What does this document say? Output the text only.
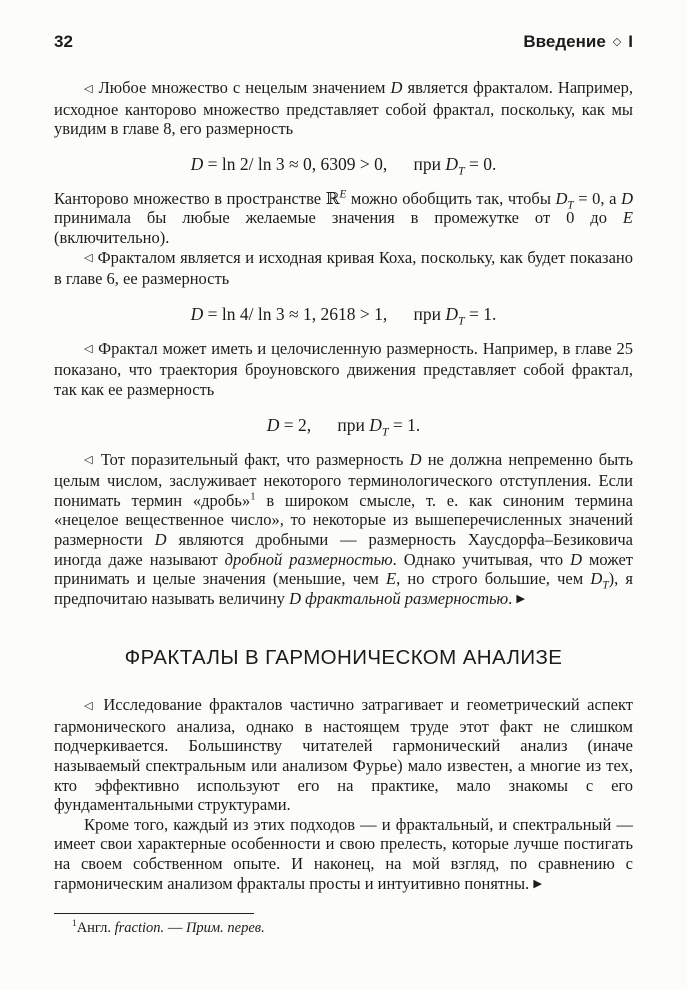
32	Введение ◇ I

◁ Любое множество с нецелым значением D является фракталом. Например, исходное канторово множество представляет собой фрактал, поскольку, как мы увидим в главе 8, его размерность

D = ln 2/ ln 3 ≈ 0, 6309 > 0,  при $D_T = 0$.

Канторово множество в пространстве ℝ$^E$ можно обобщить так, чтобы $D_T = 0$, а D принимала бы любые желаемые значения в промежутке от 0 до E (включительно).

◁ Фракталом является и исходная кривая Коха, поскольку, как будет показано в главе 6, ее размерность

D = ln 4/ ln 3 ≈ 1, 2618 > 1,  при $D_T = 1$.

◁ Фрактал может иметь и целочисленную размерность. Например, в главе 25 показано, что траектория броуновского движения представляет собой фрактал, так как ее размерность

D = 2,  при $D_T = 1$.

◁ Тот поразительный факт, что размерность D не должна непременно быть целым числом, заслуживает некоторого терминологического отступления. Если понимать термин «дробь»$^1$ в широком смысле, т. е. как синоним термина «нецелое вещественное число», то некоторые из вышеперечисленных значений размерности D являются дробными — размерность Хаусдорфа–Безиковича иногда даже называют дробной размерностью. Однако учитывая, что D может принимать и целые значения (меньшие, чем E, но строго большие, чем $D_T$), я предпочитаю называть величину D фрактальной размерностью. ▶

ФРАКТАЛЫ В ГАРМОНИЧЕСКОМ АНАЛИЗЕ

◁ Исследование фракталов частично затрагивает и геометрический аспект гармонического анализа, однако в настоящем труде этот факт не слишком подчеркивается. Большинству читателей гармонический анализ (иначе называемый спектральным или анализом Фурье) мало известен, а многие из тех, кто эффективно используют его на практике, мало знакомы с его фундаментальными структурами.

Кроме того, каждый из этих подходов — и фрактальный, и спектральный — имеет свои характерные особенности и свою прелесть, которые лучше постигать на своем собственном опыте. И наконец, на мой взгляд, по сравнению с гармоническим анализом фракталы просты и интуитивно понятны. ▶

$^1$Англ. fraction. — Прим. перев.
